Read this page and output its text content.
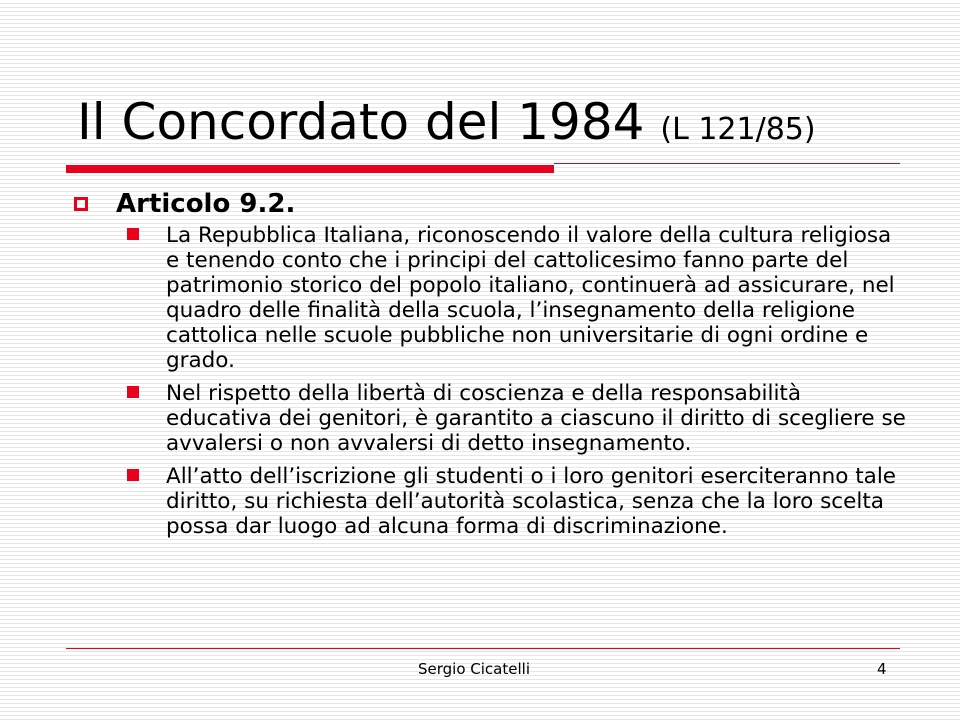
Il Concordato del 1984 (L 121/85)
Articolo 9.2.
La Repubblica Italiana, riconoscendo il valore della cultura religiosa e tenendo conto che i principi del cattolicesimo fanno parte del patrimonio storico del popolo italiano, continuerà ad assicurare, nel quadro delle finalità della scuola, l’insegnamento della religione cattolica nelle scuole pubbliche non universitarie di ogni ordine e grado.
Nel rispetto della libertà di coscienza e della responsabilità educativa dei genitori, è garantito a ciascuno il diritto di scegliere se avvalersi o non avvalersi di detto insegnamento.
All’atto dell’iscrizione gli studenti o i loro genitori eserciteranno tale diritto, su richiesta dell’autorità scolastica, senza che la loro scelta possa dar luogo ad alcuna forma di discriminazione.
Sergio Cicatelli	4
